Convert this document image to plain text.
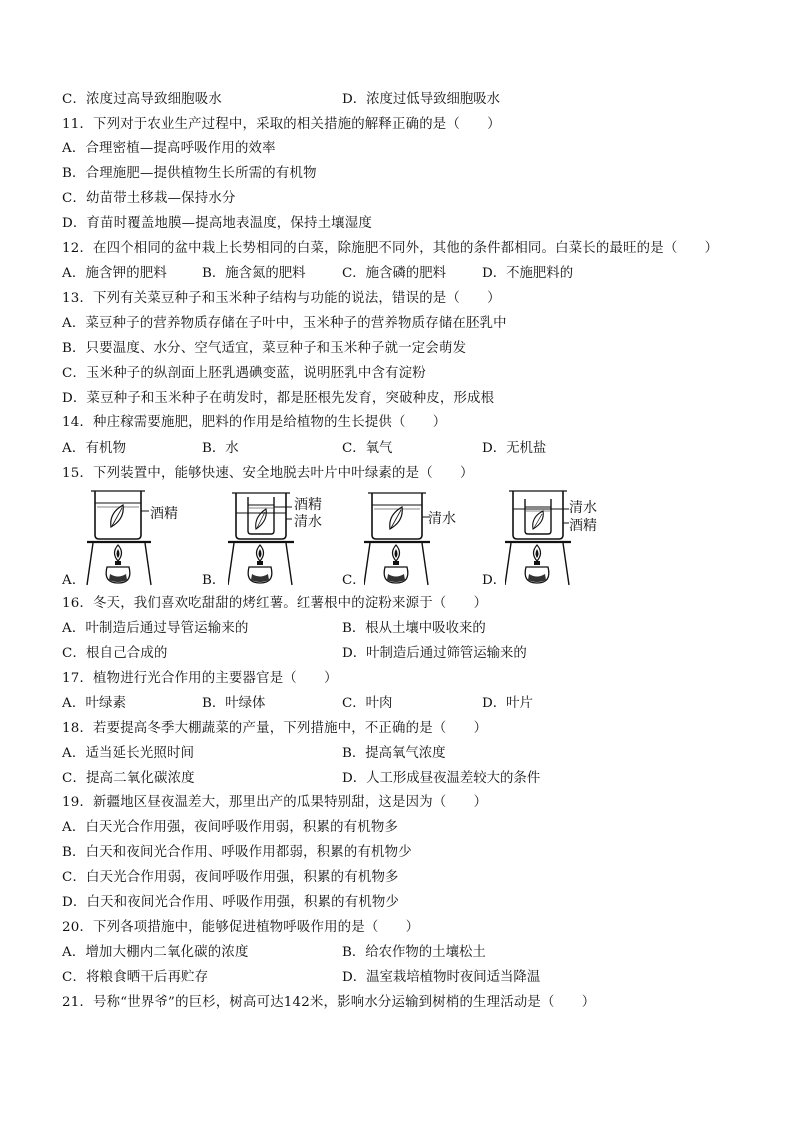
C．浓度过高导致细胞吸水	D．浓度过低导致细胞吸水
11．下列对于农业生产过程中，采取的相关措施的解释正确的是（　　）
A．合理密植—提高呼吸作用的效率
B．合理施肥—提供植物生长所需的有机物
C．幼苗带土移栽—保持水分
D．育苗时覆盖地膜—提高地表温度，保持土壤湿度
12．在四个相同的盆中栽上长势相同的白菜，除施肥不同外，其他的条件都相同。白菜长的最旺的是（　　）
A．施含钾的肥料	B．施含氮的肥料	C．施含磷的肥料	D．不施肥料的
13．下列有关菜豆种子和玉米种子结构与功能的说法，错误的是（　　）
A．菜豆种子的营养物质存储在子叶中，玉米种子的营养物质存储在胚乳中
B．只要温度、水分、空气适宜，菜豆种子和玉米种子就一定会萌发
C．玉米种子的纵剖面上胚乳遇碘变蓝，说明胚乳中含有淀粉
D．菜豆种子和玉米种子在萌发时，都是胚根先发育，突破种皮，形成根
14．种庄稼需要施肥，肥料的作用是给植物的生长提供（　　）
A．有机物	B．水	C．氧气	D．无机盐
15．下列装置中，能够快速、安全地脱去叶片中叶绿素的是（　　）
酒精
A．
酒精
清水
B．
清水
C．
清水
酒精
D．
16．冬天，我们喜欢吃甜甜的烤红薯。红薯根中的淀粉来源于（　　）
A．叶制造后通过导管运输来的	B．根从土壤中吸收来的
C．根自己合成的	D．叶制造后通过筛管运输来的
17．植物进行光合作用的主要器官是（　　）
A．叶绿素	B．叶绿体	C．叶肉	D．叶片
18．若要提高冬季大棚蔬菜的产量，下列措施中，不正确的是（　　）
A．适当延长光照时间	B．提高氧气浓度
C．提高二氧化碳浓度	D．人工形成昼夜温差较大的条件
19．新疆地区昼夜温差大，那里出产的瓜果特别甜，这是因为（　　）
A．白天光合作用强，夜间呼吸作用弱，积累的有机物多
B．白天和夜间光合作用、呼吸作用都弱，积累的有机物少
C．白天光合作用弱，夜间呼吸作用强，积累的有机物多
D．白天和夜间光合作用、呼吸作用强，积累的有机物少
20．下列各项措施中，能够促进植物呼吸作用的是（　　）
A．增加大棚内二氧化碳的浓度	B．给农作物的土壤松土
C．将粮食晒干后再贮存	D．温室栽培植物时夜间适当降温
21．号称“世界爷”的巨杉，树高可达142米，影响水分运输到树梢的生理活动是（　　）
